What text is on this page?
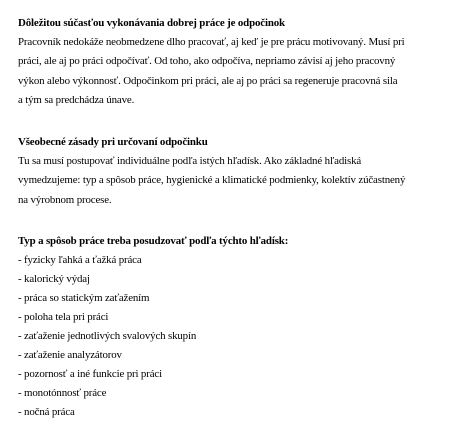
Dôležitou súčasťou vykonávania dobrej práce je odpočinok
Pracovník nedokáže neobmedzene dlho pracovať, aj keď je pre prácu motivovaný. Musí pri
práci, ale aj po práci odpočívať. Od toho, ako odpočíva, nepriamo závisí aj jeho pracovný
výkon alebo výkonnosť. Odpočinkom pri práci, ale aj po práci sa regeneruje pracovná sila
a tým sa predchádza únave.
Všeobecné zásady pri určovaní odpočinku
Tu sa musí postupovať individuálne podľa istých hľadísk. Ako základné hľadiská
vymedzujeme: typ a spôsob práce, hygienické a klimatické podmienky, kolektív zúčastnený
na výrobnom procese.
Typ a spôsob práce treba posudzovať podľa týchto hľadísk:
- fyzicky ľahká a ťažká práca
- kalorický výdaj
- práca so statickým zaťažením
- poloha tela pri práci
- zaťaženie jednotlivých svalových skupín
- zaťaženie analyzátorov
- pozornosť a iné funkcie pri práci
- monotónnosť práce
- nočná práca
